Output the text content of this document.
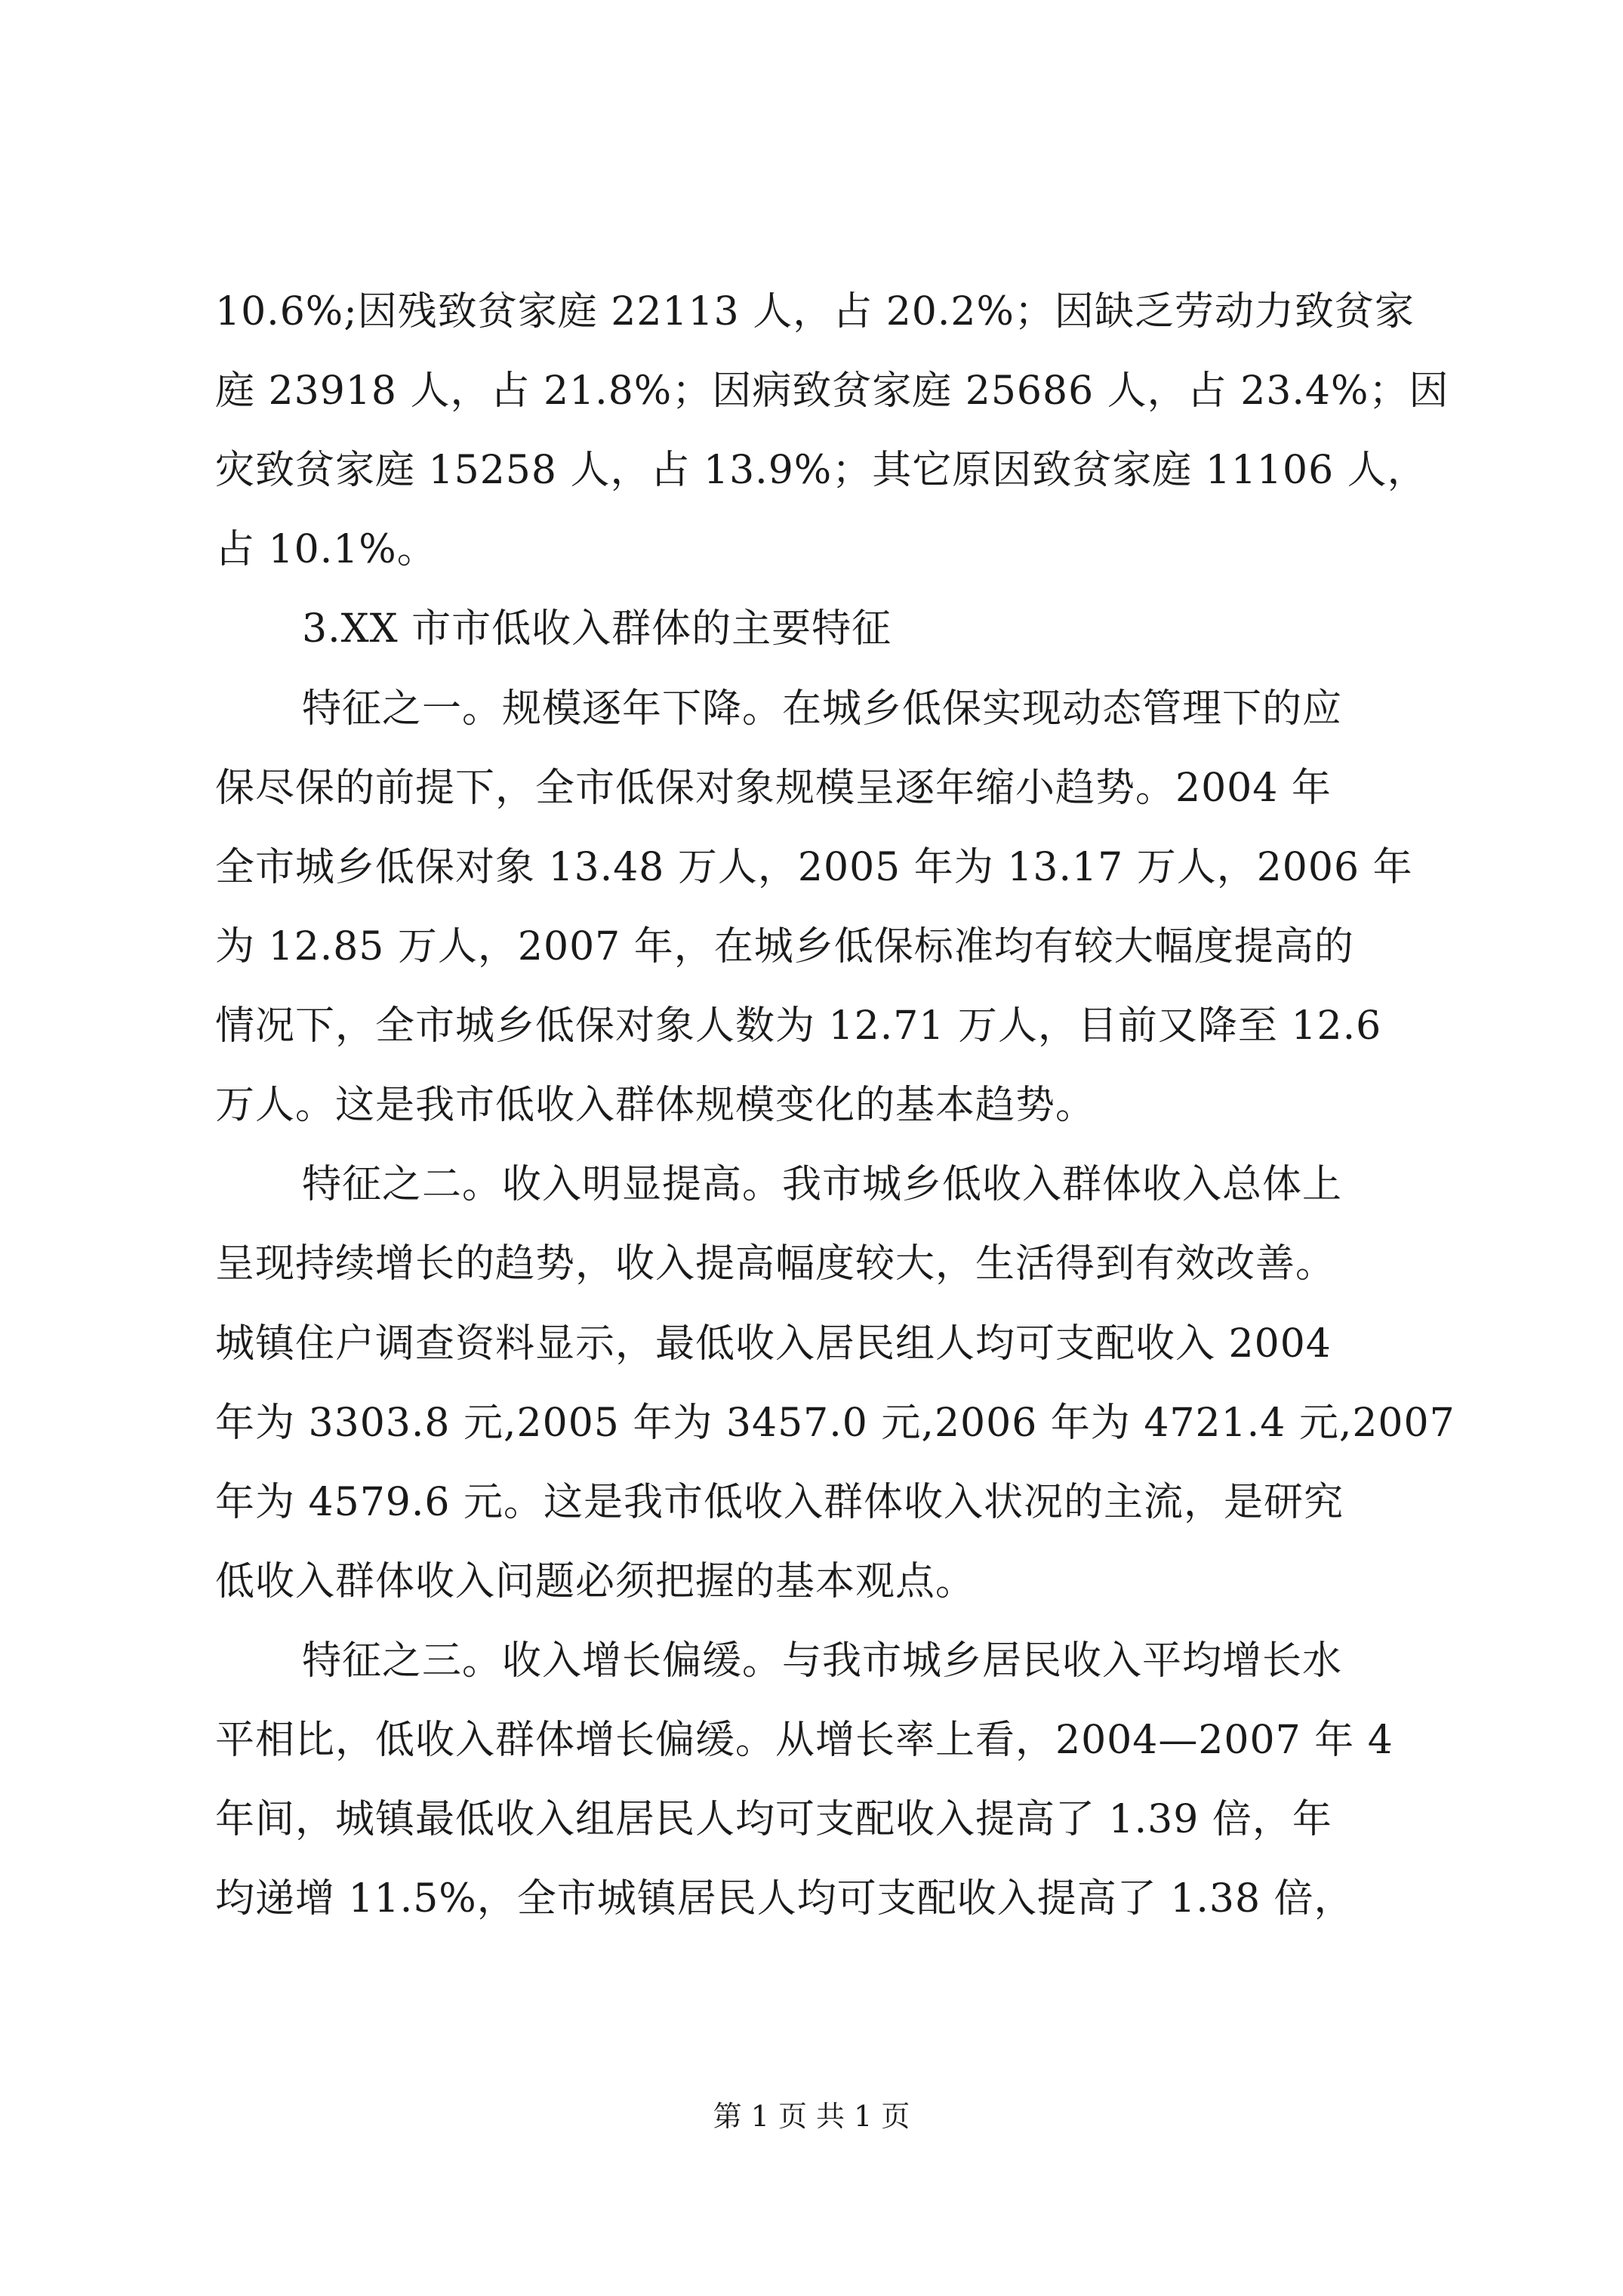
10.6%;因残致贫家庭 22113 人，占 20.2%；因缺乏劳动力致贫家
庭 23918 人，占 21.8%；因病致贫家庭 25686 人，占 23.4%；因
灾致贫家庭 15258 人，占 13.9%；其它原因致贫家庭 11106 人，
占 10.1%。
3.XX 市市低收入群体的主要特征
特征之一。规模逐年下降。在城乡低保实现动态管理下的应
保尽保的前提下，全市低保对象规模呈逐年缩小趋势。2004 年
全市城乡低保对象 13.48 万人，2005 年为 13.17 万人，2006 年
为 12.85 万人，2007 年，在城乡低保标准均有较大幅度提高的
情况下，全市城乡低保对象人数为 12.71 万人，目前又降至 12.6
万人。这是我市低收入群体规模变化的基本趋势。
特征之二。收入明显提高。我市城乡低收入群体收入总体上
呈现持续增长的趋势，收入提高幅度较大，生活得到有效改善。
城镇住户调查资料显示，最低收入居民组人均可支配收入 2004
年为 3303.8 元,2005 年为 3457.0 元,2006 年为 4721.4 元,2007
年为 4579.6 元。这是我市低收入群体收入状况的主流，是研究
低收入群体收入问题必须把握的基本观点。
特征之三。收入增长偏缓。与我市城乡居民收入平均增长水
平相比，低收入群体增长偏缓。从增长率上看，2004—2007 年 4
年间，城镇最低收入组居民人均可支配收入提高了 1.39 倍，年
均递增 11.5%，全市城镇居民人均可支配收入提高了 1.38 倍，
第 1 页 共 1 页
